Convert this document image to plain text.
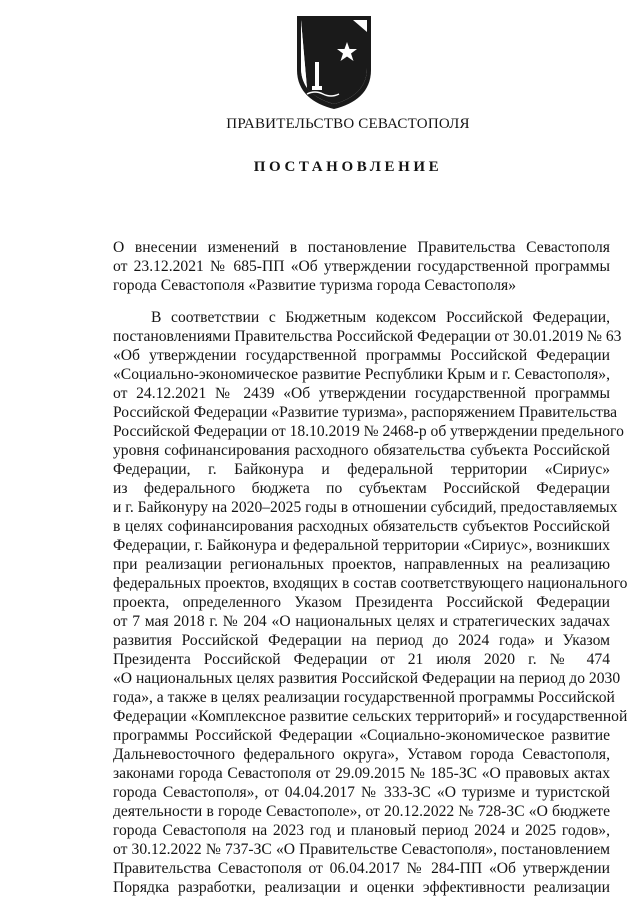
ПРАВИТЕЛЬСТВО СЕВАСТОПОЛЯ
ПОСТАНОВЛЕНИЕ
О внесении изменений в постановление Правительства Севастополя
от 23.12.2021 № 685-ПП «Об утверждении государственной программы
города Севастополя «Развитие туризма города Севастополя»
В соответствии с Бюджетным кодексом Российской Федерации,
постановлениями Правительства Российской Федерации от 30.01.2019 № 63
«Об утверждении государственной программы Российской Федерации
«Социально-экономическое развитие Республики Крым и г. Севастополя»,
от 24.12.2021 № 2439 «Об утверждении государственной программы
Российской Федерации «Развитие туризма», распоряжением Правительства
Российской Федерации от 18.10.2019 № 2468-р об утверждении предельного
уровня софинансирования расходного обязательства субъекта Российской
Федерации, г. Байконура и федеральной территории «Сириус»
из федерального бюджета по субъектам Российской Федерации
и г. Байконуру на 2020–2025 годы в отношении субсидий, предоставляемых
в целях софинансирования расходных обязательств субъектов Российской
Федерации, г. Байконура и федеральной территории «Сириус», возникших
при реализации региональных проектов, направленных на реализацию
федеральных проектов, входящих в состав соответствующего национального
проекта, определенного Указом Президента Российской Федерации
от 7 мая 2018 г. № 204 «О национальных целях и стратегических задачах
развития Российской Федерации на период до 2024 года» и Указом
Президента Российской Федерации от 21 июля 2020 г. № 474
«О национальных целях развития Российской Федерации на период до 2030
года», а также в целях реализации государственной программы Российской
Федерации «Комплексное развитие сельских территорий» и государственной
программы Российской Федерации «Социально-экономическое развитие
Дальневосточного федерального округа», Уставом города Севастополя,
законами города Севастополя от 29.09.2015 № 185-ЗС «О правовых актах
города Севастополя», от 04.04.2017 № 333-ЗС «О туризме и туристской
деятельности в городе Севастополе», от 20.12.2022 № 728-ЗС «О бюджете
города Севастополя на 2023 год и плановый период 2024 и 2025 годов»,
от 30.12.2022 № 737-ЗС «О Правительстве Севастополя», постановлением
Правительства Севастополя от 06.04.2017 № 284-ПП «Об утверждении
Порядка разработки, реализации и оценки эффективности реализации
